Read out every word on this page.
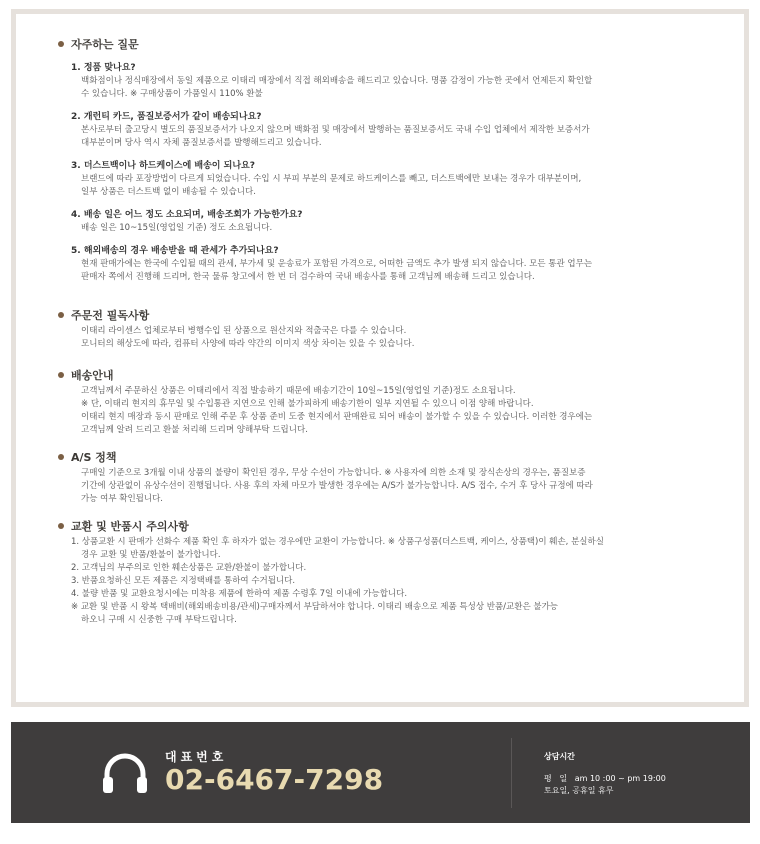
자주하는 질문
1. 정품 맞나요?
백화점이나 정식매장에서 동일 제품으로 이태리 매장에서 직접 해외배송을 해드리고 있습니다. 명품 감정이 가능한 곳에서 언제든지 확인할
수 있습니다. ※ 구매상품이 가품일시 110% 환불
2. 개런티 카드, 품질보증서가 같이 배송되나요?
본사로부터 출고당시 별도의 품질보증서가 나오지 않으며 백화점 및 매장에서 발행하는 품질보증서도 국내 수입 업체에서 제작한 보증서가
대부분이며 당사 역시 자체 품질보증서를 발행해드리고 있습니다.
3. 더스트백이나 하드케이스에 배송이 되나요?
브랜드에 따라 포장방법이 다르게 되었습니다. 수입 시 부피 부분의 문제로 하드케이스를 빼고, 더스트백에만 보내는 경우가 대부분이며,
일부 상품은 더스트백 없이 배송될 수 있습니다.
4. 배송 일은 어느 정도 소요되며, 배송조회가 가능한가요?
배송 일은 10~15일(영업일 기준) 정도 소요됩니다.
5. 해외배송의 경우 배송받을 때 관세가 추가되나요?
현재 판매가에는 한국에 수입될 때의 관세, 부가세 및 운송료가 포함된 가격으로, 어떠한 금액도 추가 발생 되지 않습니다. 모든 통관 업무는
판매자 쪽에서 진행해 드리며, 한국 물류 창고에서 한 번 더 검수하여 국내 배송사를 통해 고객님께 배송해 드리고 있습니다.
주문전 필독사항
이태리 라이센스 업체로부터 병행수입 된 상품으로 원산지와 적출국은 다를 수 있습니다.
모니터의 해상도에 따라, 컴퓨터 사양에 따라 약간의 이미지 색상 차이는 있을 수 있습니다.
배송안내
고객님께서 주문하신 상품은 이태리에서 직접 발송하기 때문에 배송기간이 10일~15일(영업일 기준)정도 소요됩니다.
※ 단, 이태리 현지의 휴무일 및 수입통관 지연으로 인해 불가피하게 배송기한이 일부 지연될 수 있으니 이점 양해 바랍니다.
이태리 현지 매장과 동시 판매로 인해 주문 후 상품 준비 도중 현지에서 판매완료 되어 배송이 불가할 수 있을 수 있습니다. 이러한 경우에는
고객님께 알려 드리고 환불 처리해 드리며 양해부탁 드립니다.
A/S 정책
구매일 기준으로 3개월 이내 상품의 불량이 확인된 경우, 무상 수선이 가능합니다. ※ 사용자에 의한 소재 및 장식손상의 경우는, 품질보증
기간에 상관없이 유상수선이 진행됩니다. 사용 후의 자체 마모가 발생한 경우에는 A/S가 불가능합니다. A/S 접수, 수거 후 당사 규정에 따라
가능 여부 확인됩니다.
교환 및 반품시 주의사항
1. 상품교환 시 판매가 선화수 제품 확인 후 하자가 없는 경우에만 교환이 가능합니다. ※ 상품구성품(더스트백, 케이스, 상품택)이 훼손, 분실하실
경우 교환 및 반품/환불이 불가합니다.
2. 고객님의 부주의로 인한 훼손상품은 교환/환불이 불가합니다.
3. 반품요청하신 모든 제품은 지정택배를 통하여 수거됩니다.
4. 불량 반품 및 교환요청시에는 미착용 제품에 한하여 제품 수령후 7일 이내에 가능합니다.
※ 교환 및 반품 시 왕복 택배비(해외배송비용/관세)구매자께서 부담하셔야 합니다. 이태리 배송으로 제품 특성상 반품/교환은 불가능
하오니 구매 시 신중한 구매 부탁드립니다.
대표번호
02-6467-7298
상담시간
평   일   am 10 :00 ~ pm 19:00
토요일, 공휴일 휴무
